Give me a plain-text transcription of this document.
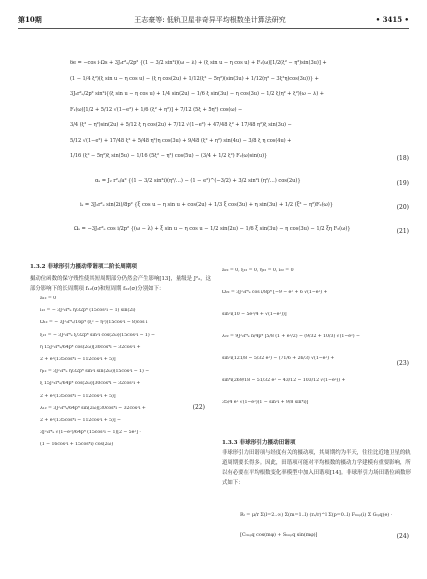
第10期	王志豪等: 低轨卫星非奇异平均根数坐计算法研究	• 3415 •
δe = −cos i·Ωs + 3J₂r²ₑ/2p² {(1 − 3/2 sin²i)(ω − λ) + (ξ sin u − η cos u) + F₁(ω)[1/2(ξ² − η²)sin(3u)] +
(1 − 1/4 ξ²)(ξ sin u − η cos u) − (ξ η cos(2u) + 1/12(ξ² − 5η²)(sin(3u) + 1/12(η³ − 3ξ²η)cos(3u))} +
3J₂r²ₑ/2p² sin²i{(ξ sin u − η cos u) + 1/4 sin(2u) − 1/6 ξ sin(3u) − η cos(3u) − 1/2 ξ(η² + ξ²)(ω − λ) +
F₁(ω)[1/2 + 5/12 √(1−e²) + 1/6 (ξ² + η²)] + 7/12 (5ξ + 5η²) cos(ω) −
3/4 (ξ² − η²)sin(2u) + 5/12 ξ η cos(2u) + 7/12 √(1−e²) + 47/48 ξ² + 17/48 η²)ξ sin(3u) −
5/12 √(1−e²) + 17/48 ξ² + 5/48 η²)η cos(3u) + 9/48 (ξ² + η²) sin(4u) − 3/8 ξ η cos(4u) +
1/16 (ξ² − 5η²)ξ sin(5u) − 1/16 (5ξ² − η²) cos(5u) − (3/4 + 1/2 ξ²) F₂(ω)sin(u)}	(18)
αₛ = J₂ r²ₑ/a² {(1 − 3/2 sin²i)(η²/…) − (1 − e²)^(−3/2) + 3/2 sin²i (η²/…) cos(2u)}	(19)
iₛ = 3J₂r²ₑ sin(2i)/8p² {ξ cos u − η sin u + cos(2u) + 1/3 ξ cos(3u) + η sin(3u) + 1/2 (ξ² − η²)F₂(ω)}	(20)
Ωₛ = −3J₂r²ₑ cos i/2p² {(ω − λ) + ξ sin u − η cos u − 1/2 sin(2u) − 1/6 ξ sin(3u) − η cos(3u) − 1/2 ξη F₂(ω)}	(21)
1.3.2 非球形引力摄动带谐项二阶长周期项
摄动位函数的保守残性使其短周期部分仍然会产生影响[13]，量级是 J²₂，这部分影响下的长周期项 f₁₂(σ)和短周期 f₂₂(σ)分别如下：
a₁₂ = 0
i₁₂ = − 3J²₂r⁴ₑ η/32p⁴ (15cos²i − 1) sin(2i)
Ω₁₂ = − 3J²₂r⁴ₑ/16p⁴ (ξ² − η²)(15cos²i − 8)cos i
ξ₁₂ = − 3J²₂r⁴ₑ ξ/32p⁴ sin²i cos(2ω)(15cos²i − 1) −
η 15J²₂r⁴ₑ/64p⁴ cos(2ω)[30cos⁴i − 32cos²i +
2 + e²(135cos⁴i − 112cos²i + 5)]
η₁₂ = 3J²₂r⁴ₑ η/32p⁴ sin²i sin(2ω)(15cos²i − 1) −
ξ 15J²₂r⁴ₑ/64p⁴ cos(2ω)[30cos⁴i − 32cos²i +
2 + e²(135cos⁴i − 112cos²i + 5)]
λ₁₂ = 3J²₂r⁴ₑ/64p⁴ sin(2ω)[30cos⁴i − 32cos²i +
2 + e²(135cos⁴i − 112cos²i + 5)] −
3J²₂r⁴ₑ √(1−e²)/64p⁴ (15cos²i − 1)[2 − 5e²] ·
(1 − 16cos²i + 15cos⁴i) cos(2ω)
(22)
a₂₂ = 0, ξ₂₂ = 0, η₂₂ = 0, i₂₂ = 0
Ω₂₂ = 3J²₂r⁴ₑ cos i/8p⁴ [−9 − e² + 6 √(1−e²) +
sin²i(10 − 5e²/4 + √(1−e²))]
λ₂₂ = 9J²₂r⁴ₑ n/4p⁴ [5/8 (1 + e²/2) − (9/32 + 10/3) √(1−e²) −
sin²i(121/8 − 5/32 e²) − (71/6 + 26/3) √(1−e²) +
sin⁴i(269/18 − 51/32 e² − 43/12 − 103/12 √(1−e²)) +
35/4 e² √(1−e²)(1 − sin²i + 9/8 sin⁴i)]
(23)
1.3.3 非球形引力摄动田谐项
非球形引力田谐项与经度有关的摄动项，其周期约为半天，往往比近地卫星的轨道周期要长得多。因此，田谐项可能对平均根数的摄动力学建模有重要影响，所以有必要在平均根数变化率模型中加入田谐项[14]。非球形引力场田谐位函数形式如下：
Rₜ = μ/r Σ(l=2..∞) Σ(m=1..l) (rₑ/r)^l Σ(p=0..l) Fₗₘₚ(i) Σ Gₗₚq(e) ·
[Cₗₘₚq cos(mφ) + Sₗₘₚq sin(mφ)]	(24)
